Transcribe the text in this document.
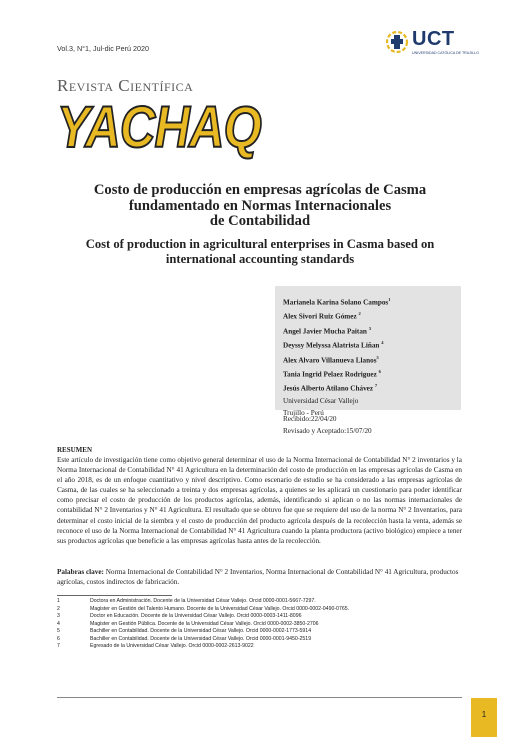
Vol.3, N°1, Jul-dic Perú 2020	UCT
UNIVERSIDAD CATÓLICA DE TRUJILLO
Revista Científica
YACHAQ
Costo de producción en empresas agrícolas de Casma
fundamentado en Normas Internacionales
de Contabilidad
Cost of production in agricultural enterprises in Casma based on
international accounting standards
Marianela Karina Solano Campos$^1$
Alex Sivori Ruiz Gómez $^2$
Angel Javier Mucha Paitan $^3$
Deyssy Melyssa Alatrista Liñan $^4$
Alex Alvaro Villanueva Llanos$^5$
Tania Ingrid Pelaez Rodriguez $^6$
Jesús Alberto Atilano Chávez $^7$
Universidad César Vallejo
Trujillo - Perú
Recibido:22/04/20
Revisado y Aceptado:15/07/20
RESUMEN
Este artículo de investigación tiene como objetivo general determinar el uso de la Norma Internacional de Contabilidad N° 2 inventarios y la Norma Internacional de Contabilidad N° 41 Agricultura en la determinación del costo de producción en las empresas agrícolas de Casma en el año 2018, es de un enfoque cuantitativo y nivel descriptivo. Como escenario de estudio se ha considerado a las empresas agrícolas de Casma, de las cuales se ha seleccionado a treinta y dos empresas agrícolas, a quienes se les aplicará un cuestionario para poder identificar como precisar el costo de producción de los productos agrícolas, además, identificando si aplican o no las normas internacionales de contabilidad N° 2 Inventarios y N° 41 Agricultura. El resultado que se obtuvo fue que se requiere del uso de la norma N° 2 Inventarios, para determinar el costo inicial de la siembra y el costo de producción del producto agrícola después de la recolección hasta la venta, además se reconoce el uso de la Norma Internacional de Contabilidad N° 41 Agricultura cuando la planta productora (activo biológico) empiece a tener sus productos agrícolas que beneficie a las empresas agrícolas hasta antes de la recolección.
Palabras clave: Norma Internacional de Contabilidad N° 2 Inventarios, Norma Internacional de Contabilidad N° 41 Agricultura, productos agrícolas, costos indirectos de fabricación.
1	Doctora en Administración. Docente de la Universidad César Vallejo. Orcid 0000-0001-5667-7297.
2	Magister en Gestión del Talento Humano. Docente de la Universidad César Vallejo. Orcid 0000-0002-0490-0765.
3	Doctor en Educación. Docente de la Universidad César Vallejo. Orcid 0000-0003-1411-8096
4	Magister en Gestión Pública. Docente de la Universidad César Vallejo. Orcid 0000-0002-3850-2706
5	Bachiller en Contabilidad. Docente de la Universidad César Vallejo. Orcid 0000-0002-1773-5914
6	Bachiller en Contabilidad. Docente de la Universidad César Vallejo. Orcid 0000-0001-9450-2519
7	Egresado de la Universidad César Vallejo. Orcid 0000-0002-2613-9022
1
